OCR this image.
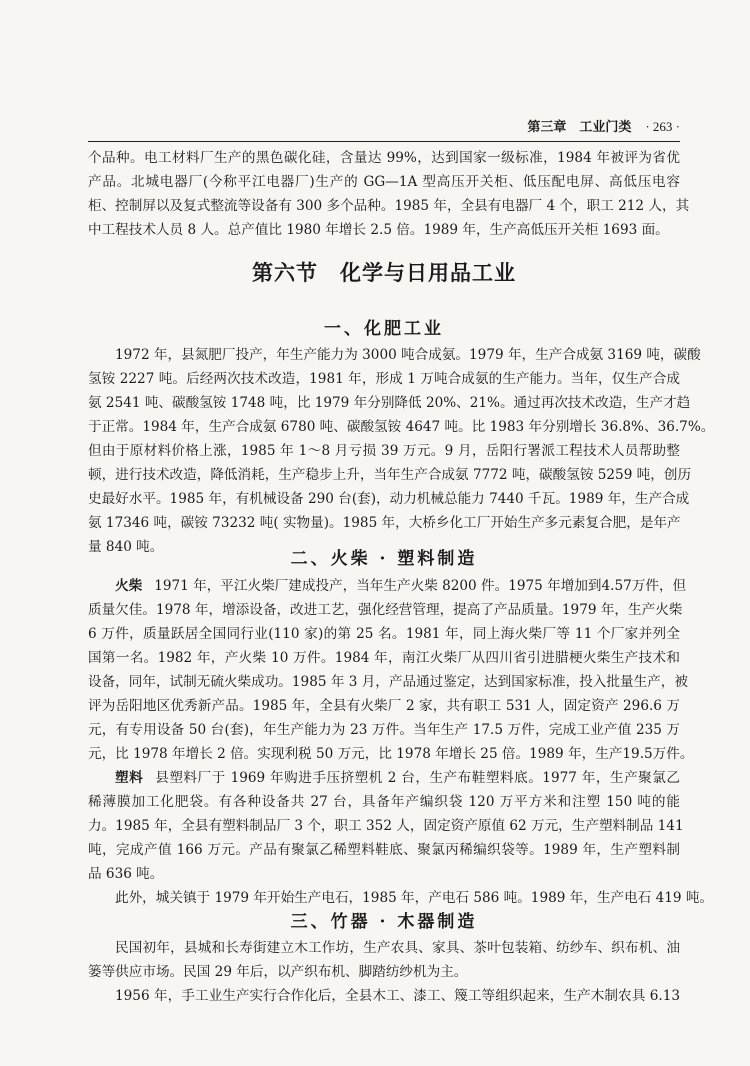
第三章　工业门类 · 263 ·
个品种。电工材料厂生产的黑色碳化硅，含量达 99%，达到国家一级标准，1984 年被评为省优
产品。北城电器厂(今称平江电器厂)生产的 GG—1A 型高压开关柜、低压配电屏、高低压电容
柜、控制屏以及复式整流等设备有 300 多个品种。1985 年，全县有电器厂 4 个，职工 212 人，其
中工程技术人员 8 人。总产值比 1980 年增长 2.5 倍。1989 年，生产高低压开关柜 1693 面。
第六节　化学与日用品工业
一、化肥工业
1972 年，县氮肥厂投产，年生产能力为 3000 吨合成氨。1979 年，生产合成氨 3169 吨，碳酸
氢铵 2227 吨。后经两次技术改造，1981 年，形成 1 万吨合成氨的生产能力。当年，仅生产合成
氨 2541 吨、碳酸氢铵 1748 吨，比 1979 年分别降低 20%、21%。通过再次技术改造，生产才趋
于正常。1984 年，生产合成氨 6780 吨、碳酸氢铵 4647 吨。比 1983 年分别增长 36.8%、36.7%。
但由于原材料价格上涨，1985 年 1～8 月亏损 39 万元。9 月，岳阳行署派工程技术人员帮助整
顿，进行技术改造，降低消耗，生产稳步上升，当年生产合成氨 7772 吨，碳酸氢铵 5259 吨，创历
史最好水平。1985 年，有机械设备 290 台(套)，动力机械总能力 7440 千瓦。1989 年，生产合成
氨 17346 吨，碳铵 73232 吨( 实物量)。1985 年，大桥乡化工厂开始生产多元素复合肥，是年产
量 840 吨。
二、火柴 · 塑料制造
火柴 1971 年，平江火柴厂建成投产，当年生产火柴 8200 件。1975 年增加到4.57万件，但
质量欠佳。1978 年，增添设备，改进工艺，强化经营管理，提高了产品质量。1979 年，生产火柴
6 万件，质量跃居全国同行业(110 家)的第 25 名。1981 年，同上海火柴厂等 11 个厂家并列全
国第一名。1982 年，产火柴 10 万件。1984 年，南江火柴厂从四川省引进腊梗火柴生产技术和
设备，同年，试制无硫火柴成功。1985 年 3 月，产品通过鉴定，达到国家标准，投入批量生产，被
评为岳阳地区优秀新产品。1985 年，全县有火柴厂 2 家，共有职工 531 人，固定资产 296.6 万
元，有专用设备 50 台(套)，年生产能力为 23 万件。当年生产 17.5 万件，完成工业产值 235 万
元，比 1978 年增长 2 倍。实现利税 50 万元，比 1978 年增长 25 倍。1989 年，生产19.5万件。
塑料 县塑料厂于 1969 年购进手压挤塑机 2 台，生产布鞋塑料底。1977 年，生产聚氯乙
稀薄膜加工化肥袋。有各种设备共 27 台，具备年产编织袋 120 万平方米和注塑 150 吨的能
力。1985 年，全县有塑料制品厂 3 个，职工 352 人，固定资产原值 62 万元，生产塑料制品 141
吨，完成产值 166 万元。产品有聚氯乙稀塑料鞋底、聚氯丙稀编织袋等。1989 年，生产塑料制
品 636 吨。
此外，城关镇于 1979 年开始生产电石，1985 年，产电石 586 吨。1989 年，生产电石 419 吨。
三、竹器 · 木器制造
民国初年，县城和长寿街建立木工作坊，生产农具、家具、茶叶包装箱、纺纱车、织布机、油
篓等供应市场。民国 29 年后，以产织布机、脚踏纺纱机为主。
1956 年，手工业生产实行合作化后，全县木工、漆工、篾工等组织起来，生产木制农具 6.13
